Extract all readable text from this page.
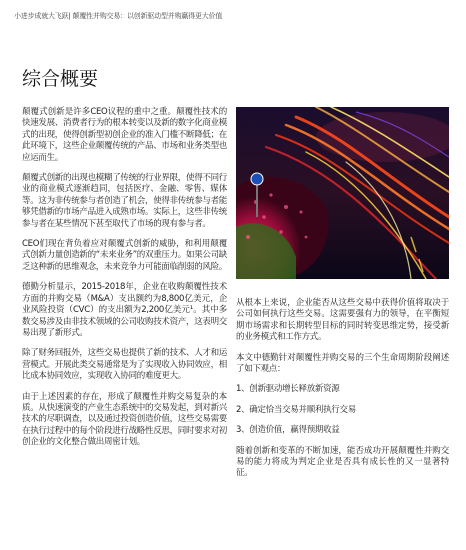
小进步成就大飞跃| 颠覆性并购交易：以创新驱动型并购赢得更大价值
综合概要

颠覆式创新是许多CEO议程的重中之重。颠覆性技术的快速发展、消费者行为的根本转变以及新的数字化商业模式的出现，使得创新型初创企业的准入门槛不断降低；在此环境下，这些企业颠覆传统的产品、市场和业务类型也应运而生。

颠覆式创新的出现也模糊了传统的行业界限，使得不同行业的商业模式逐渐趋同，包括医疗、金融、零售、媒体等。这为非传统参与者创造了机会，使得非传统参与者能够凭借新的市场产品进入成熟市场。实际上，这些非传统参与者在某些情况下甚至取代了市场的现有参与者。

CEO们现在背负着应对颠覆式创新的威胁，和利用颠覆式创新力量创造新的“未来业务”的双重压力。如果公司缺乏这种新的思维观念，未来竞争力可能面临削弱的风险。

德勤分析显示，2015-2018年，企业在收购颠覆性技术方面的并购交易（M&A）支出额约为8,800亿美元，企业风险投资（CVC）的支出额为2,200亿美元¹。其中多数交易涉及由非技术领域的公司收购技术资产，这表明交易出现了新形式。

除了财务回报外，这些交易也提供了新的技术、人才和运营模式。开展此类交易通常是为了实现收入协同效应，相比成本协同效应，实现收入协同的难度更大。

由于上述因素的存在，形成了颠覆性并购交易复杂的本质。从快速演变的产业生态系统中的交易发起，到对新兴技术的尽职调查，以及通过投资创造价值，这些交易需要在执行过程中的每个阶段进行战略性反思，同时要求对初创企业的文化整合做出周密计划。

从根本上来说，企业能否从这些交易中获得价值将取决于公司如何执行这些交易。这需要强有力的领导，在平衡短期市场需求和长期转型目标的同时转变思维定势，接受新的业务模式和工作方式。

本文中德勤针对颠覆性并购交易的三个生命周期阶段阐述了如下观点：

1、创新驱动增长释放新资源
2、确定恰当交易并顺利执行交易
3、创造价值，赢得预期收益

随着创新和变革的不断加速，能否成功开展颠覆性并购交易的能力将成为判定企业是否具有成长性的又一显著特征。
